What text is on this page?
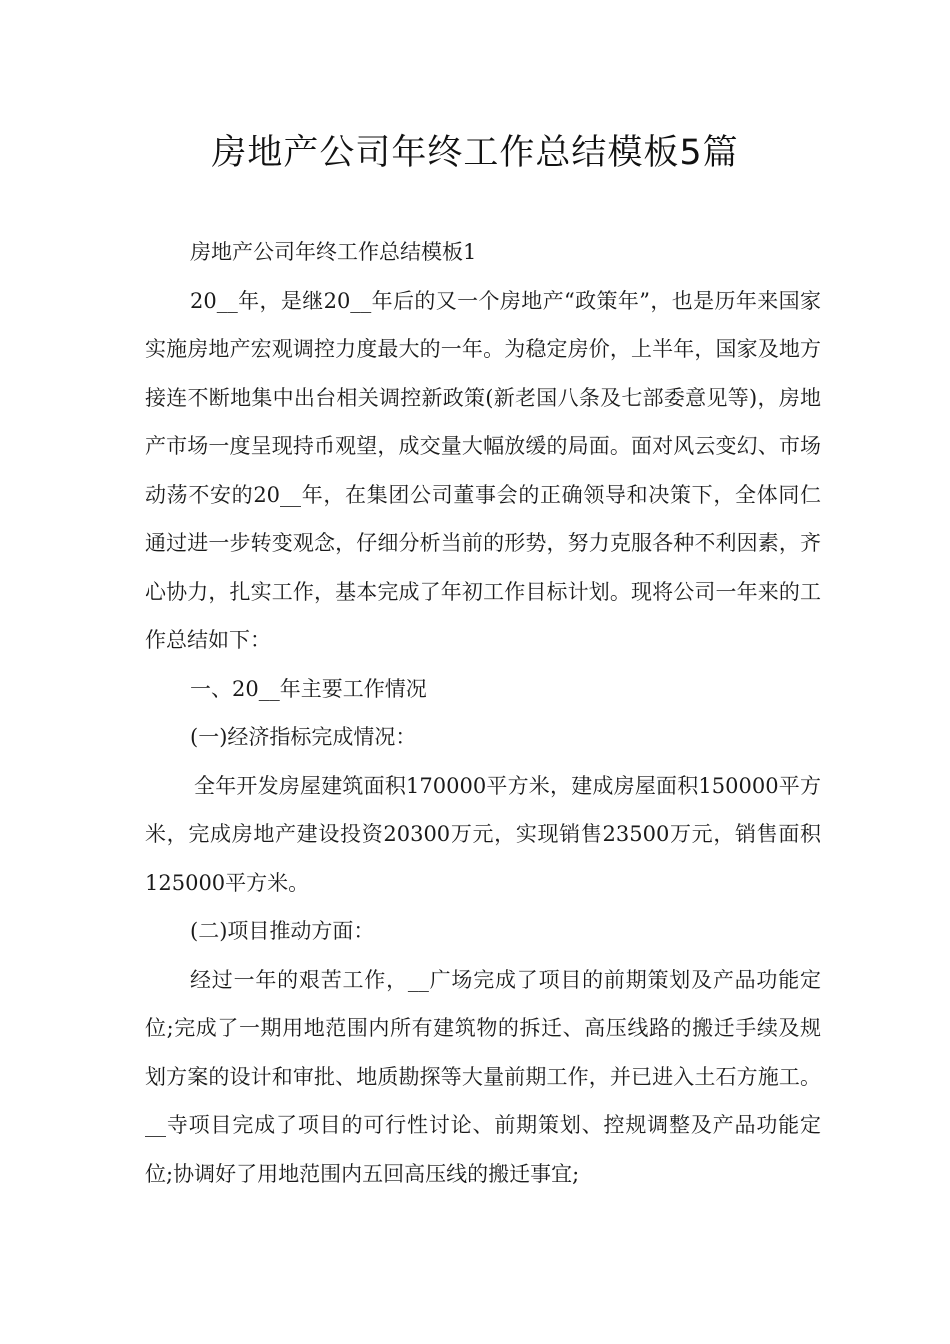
房地产公司年终工作总结模板5篇

房地产公司年终工作总结模板1

20__年，是继20__年后的又一个房地产“政策年”，也是历年来国家实施房地产宏观调控力度最大的一年。为稳定房价，上半年，国家及地方接连不断地集中出台相关调控新政策(新老国八条及七部委意见等)，房地产市场一度呈现持币观望，成交量大幅放缓的局面。面对风云变幻、市场动荡不安的20__年，在集团公司董事会的正确领导和决策下，全体同仁通过进一步转变观念，仔细分析当前的形势，努力克服各种不利因素，齐心协力，扎实工作，基本完成了年初工作目标计划。现将公司一年来的工作总结如下：

一、20__年主要工作情况

(一)经济指标完成情况：

全年开发房屋建筑面积170000平方米，建成房屋面积150000平方米，完成房地产建设投资20300万元，实现销售23500万元，销售面积125000平方米。

(二)项目推动方面：

经过一年的艰苦工作，__广场完成了项目的前期策划及产品功能定位;完成了一期用地范围内所有建筑物的拆迁、高压线路的搬迁手续及规划方案的设计和审批、地质勘探等大量前期工作，并已进入土石方施工。__寺项目完成了项目的可行性讨论、前期策划、控规调整及产品功能定位;协调好了用地范围内五回高压线的搬迁事宜;
